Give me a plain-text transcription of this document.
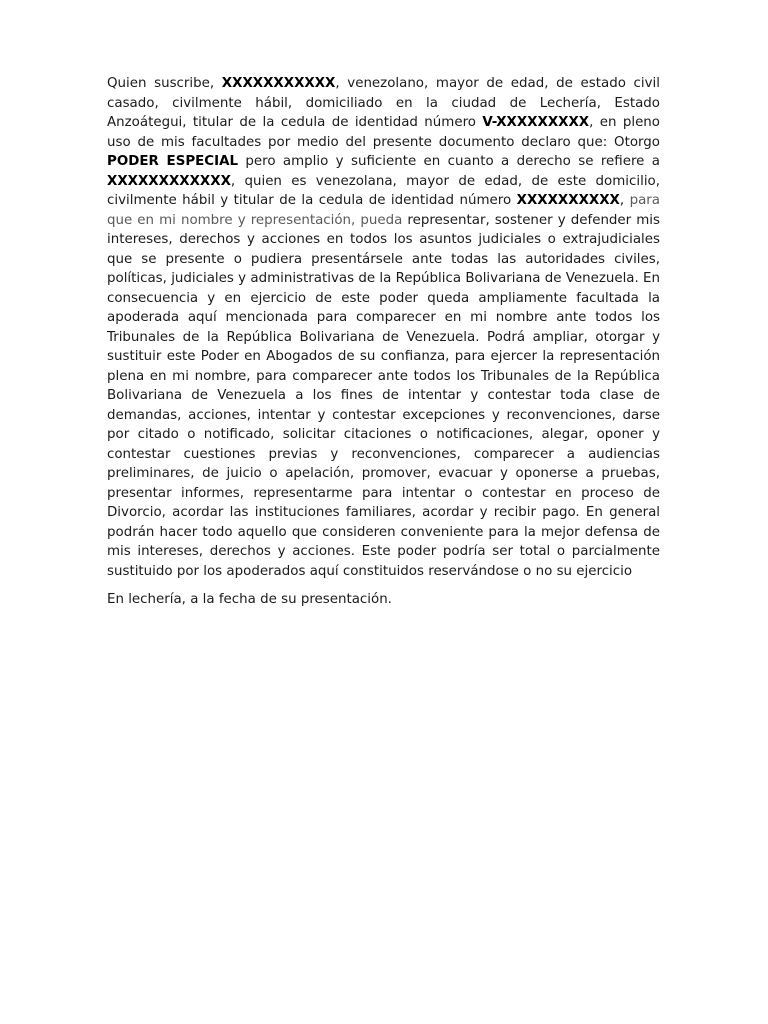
Quien suscribe, XXXXXXXXXXX, venezolano, mayor de edad, de estado civil casado, civilmente hábil, domiciliado en la ciudad de Lechería, Estado Anzoátegui, titular de la cedula de identidad número V-XXXXXXXXX, en pleno uso de mis facultades por medio del presente documento declaro que: Otorgo PODER ESPECIAL pero amplio y suficiente en cuanto a derecho se refiere a XXXXXXXXXXXX, quien es venezolana, mayor de edad, de este domicilio, civilmente hábil y titular de la cedula de identidad número XXXXXXXXXX, para que en mi nombre y representación, pueda representar, sostener y defender mis intereses, derechos y acciones en todos los asuntos judiciales o extrajudiciales que se presente o pudiera presentársele ante todas las autoridades civiles, políticas, judiciales y administrativas de la República Bolivariana de Venezuela. En consecuencia y en ejercicio de este poder queda ampliamente facultada la apoderada aquí mencionada para comparecer en mi nombre ante todos los Tribunales de la República Bolivariana de Venezuela. Podrá ampliar, otorgar y sustituir este Poder en Abogados de su confianza, para ejercer la representación plena en mi nombre, para comparecer ante todos los Tribunales de la República Bolivariana de Venezuela a los fines de intentar y contestar toda clase de demandas, acciones, intentar y contestar excepciones y reconvenciones, darse por citado o notificado, solicitar citaciones o notificaciones, alegar, oponer y contestar cuestiones previas y reconvenciones, comparecer a audiencias preliminares, de juicio o apelación, promover, evacuar y oponerse a pruebas, presentar informes, representarme para intentar o contestar en proceso de Divorcio, acordar las instituciones familiares, acordar y recibir pago. En general podrán hacer todo aquello que consideren conveniente para la mejor defensa de mis intereses, derechos y acciones. Este poder podría ser total o parcialmente sustituido por los apoderados aquí constituidos reservándose o no su ejercicio

En lechería, a la fecha de su presentación.
